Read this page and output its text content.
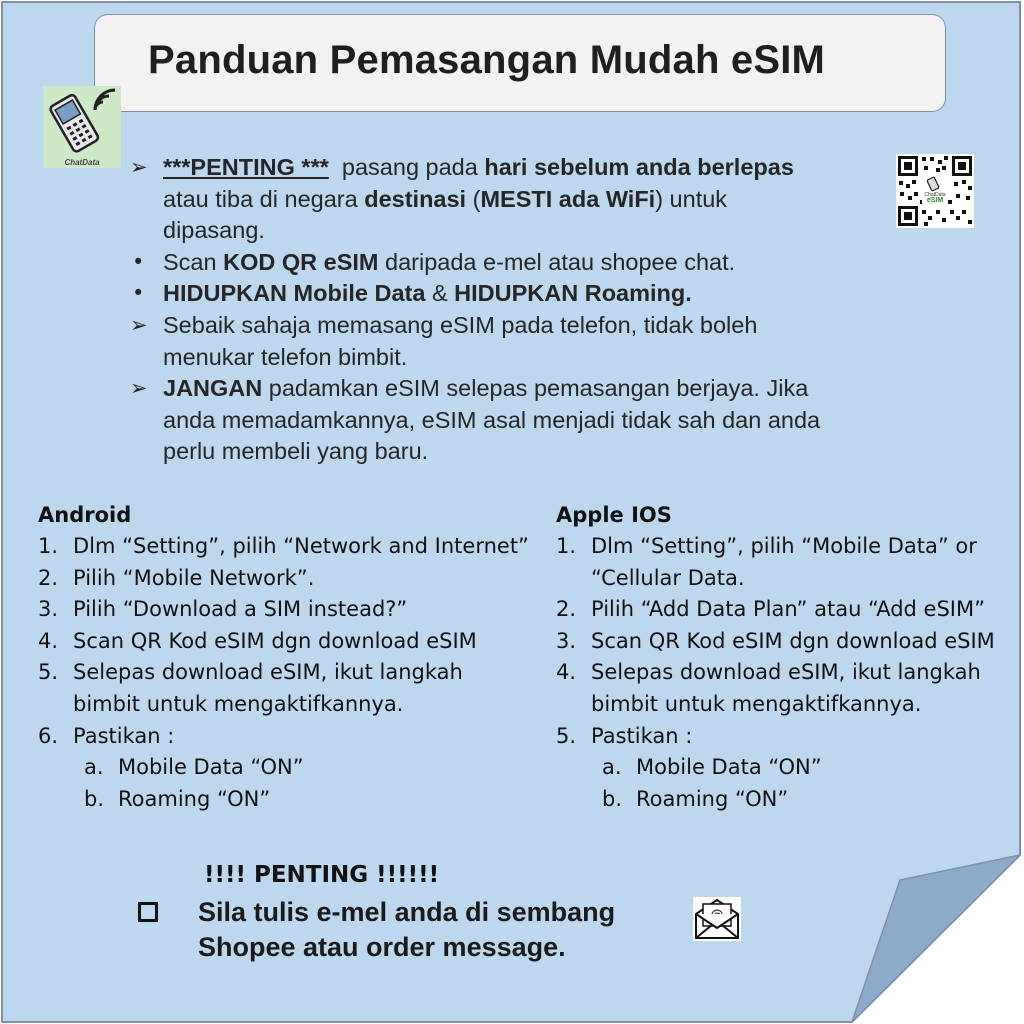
Panduan Pemasangan Mudah eSIM
ChatData
ChatData
eSIM
➢ ***PENTING ***  pasang pada hari sebelum anda berlepas
atau tiba di negara destinasi (MESTI ada WiFi) untuk
dipasang.
• Scan KOD QR eSIM daripada e-mel atau shopee chat.
• HIDUPKAN Mobile Data & HIDUPKAN Roaming.
➢ Sebaik sahaja memasang eSIM pada telefon, tidak boleh
menukar telefon bimbit.
➢ JANGAN padamkan eSIM selepas pemasangan berjaya. Jika
anda memadamkannya, eSIM asal menjadi tidak sah dan anda
perlu membeli yang baru.
Android
1. Dlm “Setting”, pilih “Network and Internet”
2. Pilih “Mobile Network”.
3. Pilih “Download a SIM instead?”
4. Scan QR Kod eSIM dgn download eSIM
5. Selepas download eSIM, ikut langkah
bimbit untuk mengaktifkannya.
6. Pastikan :
a. Mobile Data “ON”
b. Roaming “ON”
Apple IOS
1. Dlm “Setting”, pilih “Mobile Data” or
“Cellular Data.
2. Pilih “Add Data Plan” atau “Add eSIM”
3. Scan QR Kod eSIM dgn download eSIM
4. Selepas download eSIM, ikut langkah
bimbit untuk mengaktifkannya.
5. Pastikan :
a. Mobile Data “ON”
b. Roaming “ON”
!!!! PENTING !!!!!!
Sila tulis e-mel anda di sembang
Shopee atau order message.
